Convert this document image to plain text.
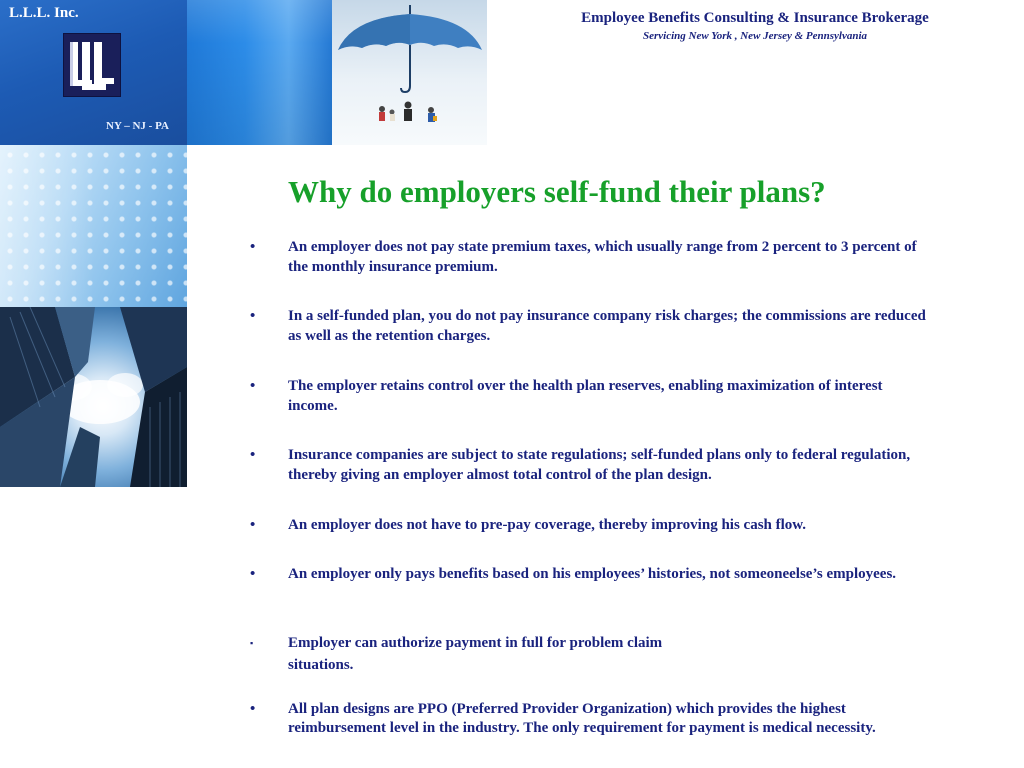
L.L.L. Inc.
NY – NJ - PA
Employee Benefits Consulting & Insurance Brokerage
Servicing New York , New Jersey & Pennsylvania
Why do employers self-fund their plans?
•	An employer does not pay state premium taxes, which usually range from 2 percent to 3 percent of the monthly insurance premium.
•	In a self-funded plan, you do not pay insurance company risk charges; the commissions are reduced as well as the retention charges.
•	The employer retains control over the health plan reserves, enabling maximization of interest income.
•	Insurance companies are subject to state regulations; self-funded plans only to federal regulation, thereby giving an employer almost total control of the plan design.
•	An employer does not have to pre-pay coverage, thereby improving his cash flow.
•	An employer only pays benefits based on his employees’ histories, not someoneelse’s employees.
▪	Employer can authorize payment in full for problem claim
situations.
•	All plan designs are PPO (Preferred Provider Organization) which provides the highest reimbursement level in the industry. The only requirement for payment is medical necessity.
